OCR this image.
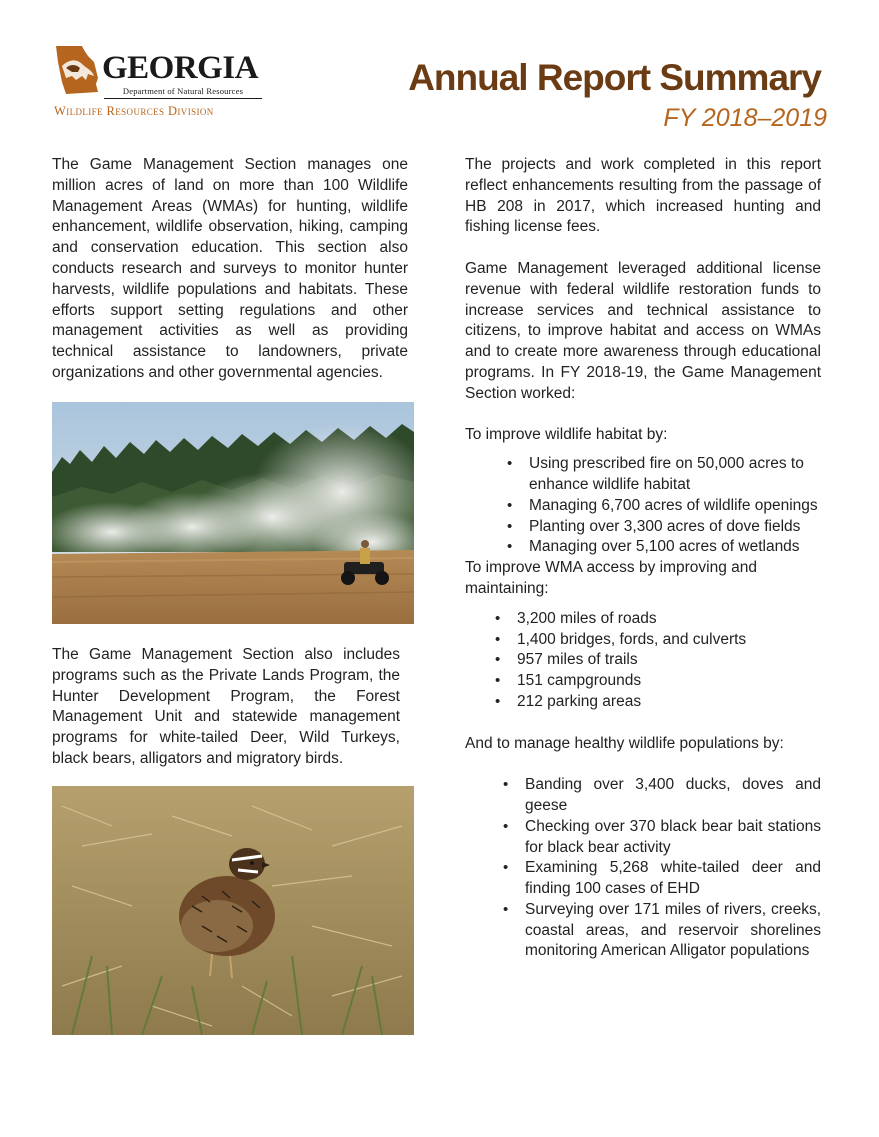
GEORGIA
Department of Natural Resources
Wildlife Resources Division
Annual Report Summary
FY 2018–2019

The Game Management Section manages one million acres of land on more than 100 Wildlife Management Areas (WMAs) for hunting, wildlife enhancement, wildlife observation, hiking, camping and conservation education. This section also conducts research and surveys to monitor hunter harvests, wildlife populations and habitats. These efforts support setting regulations and other management activities as well as providing technical assistance to landowners, private organizations and other governmental agencies.

The Game Management Section also includes programs such as the Private Lands Program, the Hunter Development Program, the Forest Management Unit and statewide management programs for white-tailed Deer, Wild Turkeys, black bears, alligators and migratory birds.

The projects and work completed in this report reflect enhancements resulting from the passage of HB 208 in 2017, which increased hunting and fishing license fees.

Game Management leveraged additional license revenue with federal wildlife restoration funds to increase services and technical assistance to citizens, to improve habitat and access on WMAs and to create more awareness through educational programs. In FY 2018-19, the Game Management Section worked:

To improve wildlife habitat by:

• Using prescribed fire on 50,000 acres to enhance wildlife habitat
• Managing 6,700 acres of wildlife openings
• Planting over 3,300 acres of dove fields
• Managing over 5,100 acres of wetlands

To improve WMA access by improving and maintaining:

• 3,200 miles of roads
• 1,400 bridges, fords, and culverts
• 957 miles of trails
• 151 campgrounds
• 212 parking areas

And to manage healthy wildlife populations by:

• Banding over 3,400 ducks, doves and geese
• Checking over 370 black bear bait stations for black bear activity
• Examining 5,268 white-tailed deer and finding 100 cases of EHD
• Surveying over 171 miles of rivers, creeks, coastal areas, and reservoir shorelines monitoring American Alligator populations
